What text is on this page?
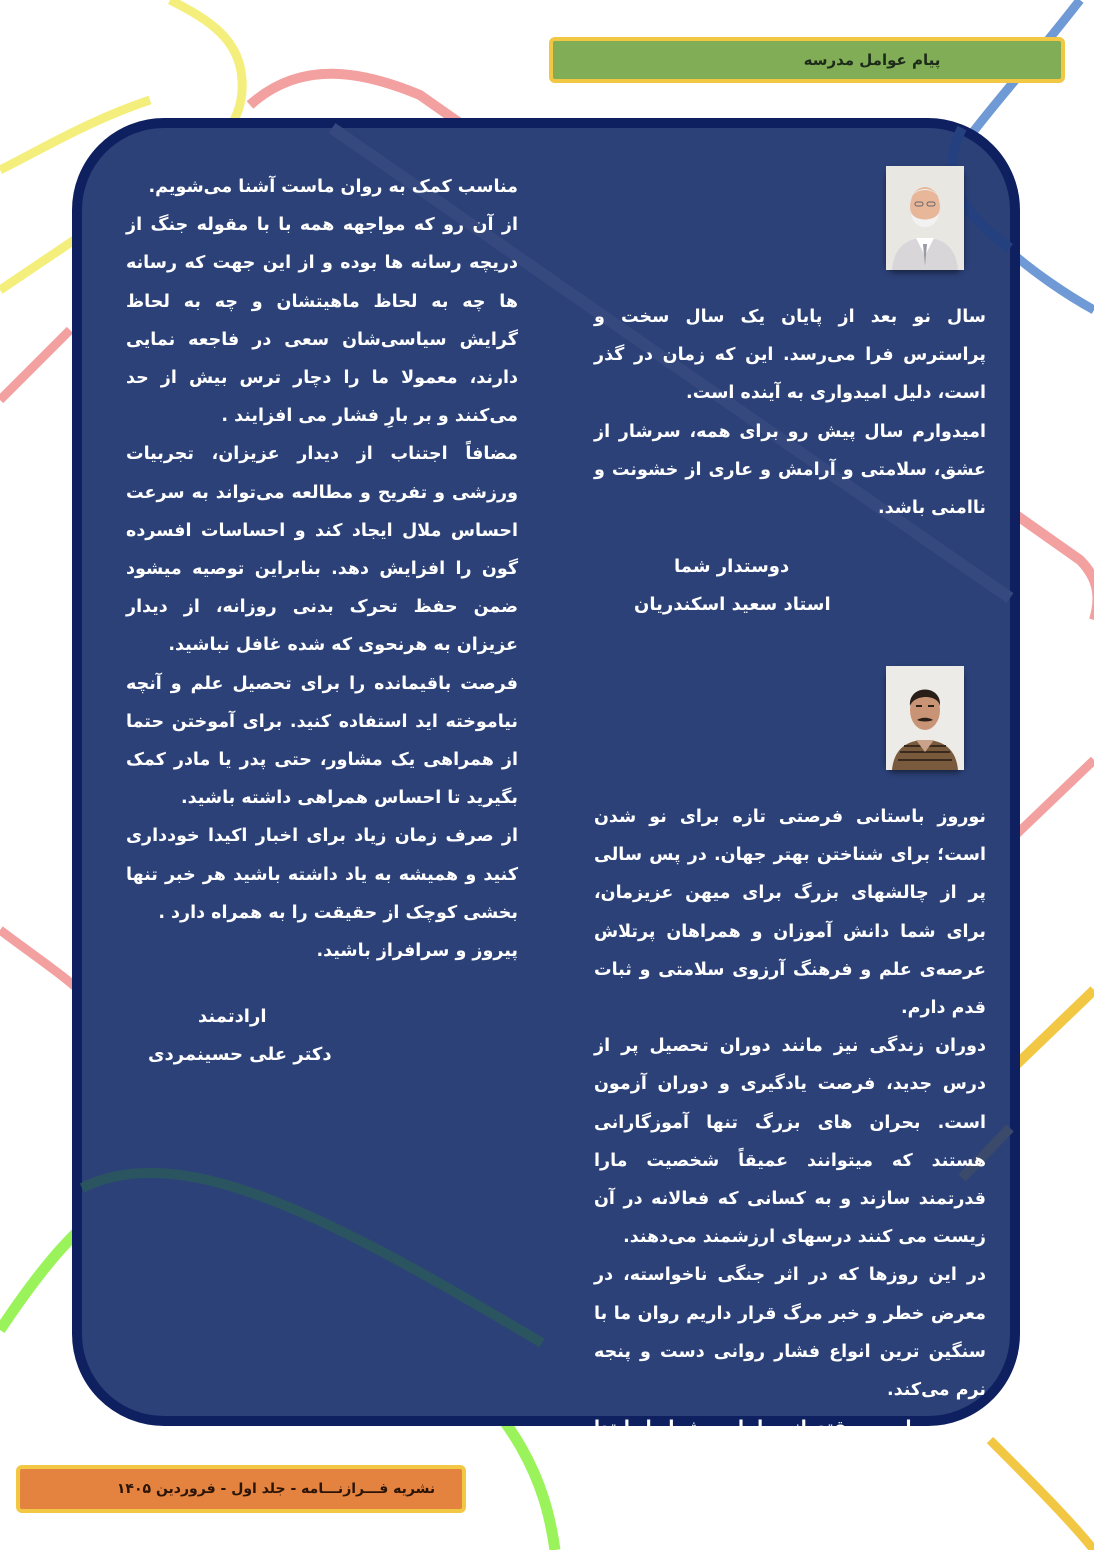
پیام عوامل مدرسه

مناسب کمک به روان ماست آشنا می‌شویم.

از آن رو که مواجهه همه با با مقوله جنگ از دریچه رسانه ها بوده و از این جهت که رسانه ها چه به لحاظ ماهیتشان و چه به لحاظ گرایش سیاسی‌شان سعی در فاجعه نمایی دارند، معمولا ما را دچار ترس بیش از حد می‌کنند و بر بارِ فشار می افزایند .

مضافاً اجتناب از دیدار عزیزان، تجربیات ورزشی و تفریح و مطالعه می‌تواند به سرعت احساس ملال ایجاد کند و احساسات افسرده گون را افزایش دهد. بنابراین توصیه میشود ضمن حفظ تحرک بدنی روزانه، از دیدار عزیزان به هرنحوی که شده غافل نباشید.

فرصت باقیمانده را برای تحصیل علم و آنچه نیاموخته اید استفاده کنید. برای آموختن حتما از همراهی یک مشاور، حتی پدر یا مادر کمک بگیرید تا احساس همراهی داشته باشید.

از صرف زمان زیاد برای اخبار اکیدا خودداری کنید و همیشه به یاد داشته باشید هر خبر تنها بخشی کوچک از حقیقت را به همراه دارد .

پیروز و سرافراز باشید.

ارادتمند
دکتر علی حسینمردی

سال نو بعد از پایان یک سال سخت و پراسترس فرا می‌رسد. این که زمان در گذر است، دلیل امیدواری به آینده است.

امیدوارم سال پیش رو برای همه، سرشار از عشق، سلامتی و آرامش و عاری از خشونت و ناامنی باشد.

دوستدار شما
استاد سعید اسکندریان

نوروز باستانی فرصتی تازه برای نو شدن است؛ برای شناختن بهتر جهان. در پس سالی پر از چالشهای بزرگ برای میهن عزیزمان، برای شما دانش آموزان و همراهان پرتلاش عرصه‌ی علم و فرهنگ آرزوی سلامتی و ثبات قدم دارم.

دوران زندگی نیز مانند دوران تحصیل پر از درس جدید، فرصت یادگیری و دوران آزمون است. بحران های بزرگ تنها آموزگارانی هستند که میتوانند عمیقاً شخصیت مارا قدرتمند سازند و به کسانی که فعالانه در آن زیست می کنند درسهای ارزشمند می‌دهند.

در این روزها که در اثر جنگی ناخواسته، در معرض خطر و خبر مرگ قرار داریم روان ما با سنگین ترین انواع فشار روانی دست و پنجه نرم می‌کند.

برای مواجهه مقتدرانه با این شرایط ابتدا توضیحی از نیازهای روانی را بدانیم و سپس با رفتارهایی که

نشریه فـــرازنـــامه - جلد اول - فروردین ۱۴۰۵
